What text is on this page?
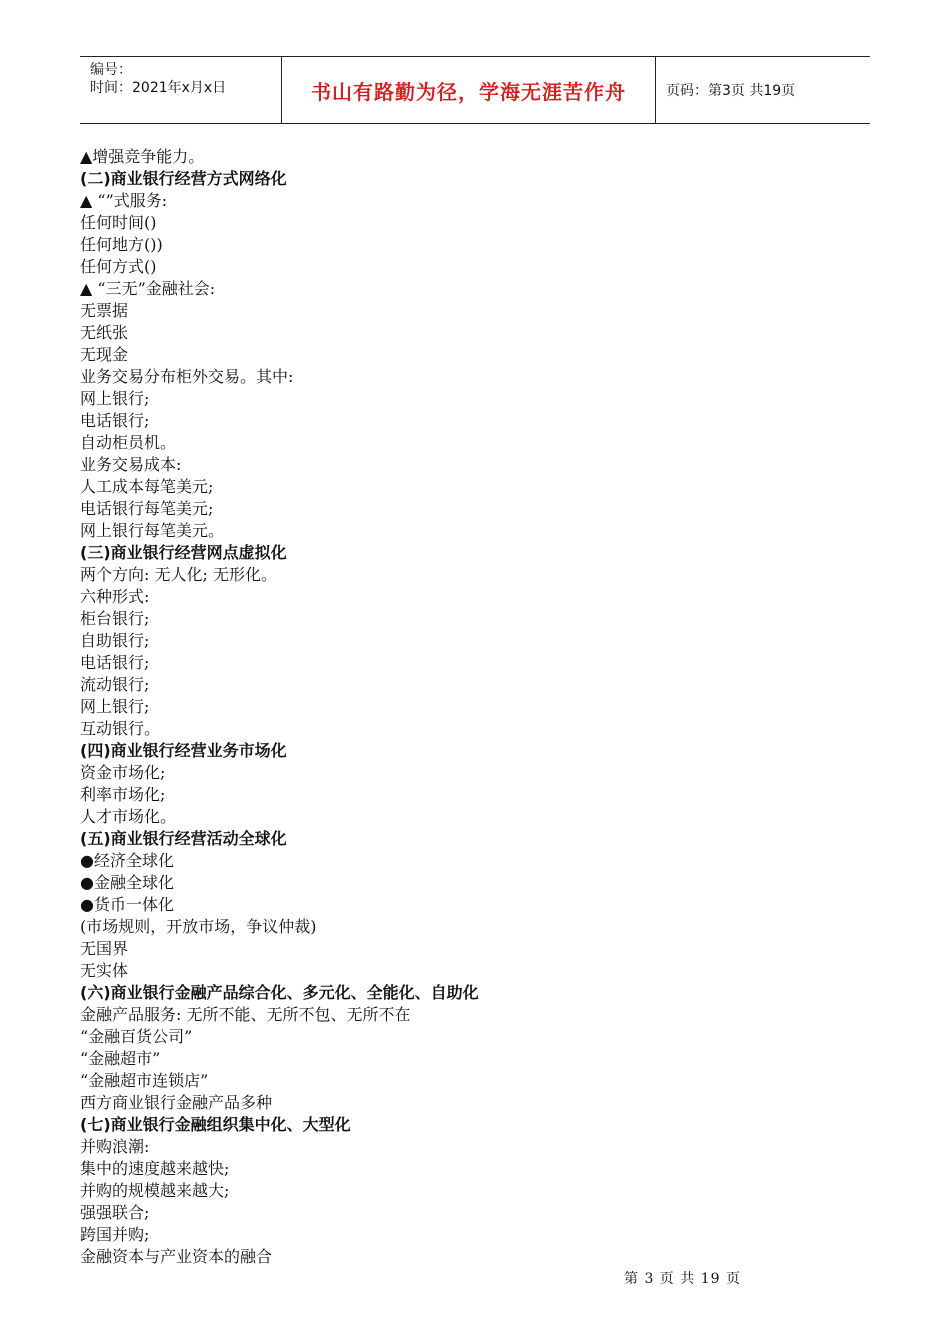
编号：
时间：2021年x月x日	书山有路勤为径，学海无涯苦作舟	页码：第3页 共19页
▲增强竞争能力。
(二)商业银行经营方式网络化
▲ “”式服务:
任何时间()
任何地方())
任何方式()
▲ “三无”金融社会:
无票据
无纸张
无现金
业务交易分布柜外交易。其中:
网上银行;
电话银行;
自动柜员机。
业务交易成本:
人工成本每笔美元;
电话银行每笔美元;
网上银行每笔美元。
(三)商业银行经营网点虚拟化
两个方向: 无人化; 无形化。
六种形式:
柜台银行;
自助银行;
电话银行;
流动银行;
网上银行;
互动银行。
(四)商业银行经营业务市场化
资金市场化;
利率市场化;
人才市场化。
(五)商业银行经营活动全球化
●经济全球化
●金融全球化
●货币一体化
(市场规则，开放市场，争议仲裁)
无国界
无实体
(六)商业银行金融产品综合化、多元化、全能化、自助化
金融产品服务: 无所不能、无所不包、无所不在
“金融百货公司”
“金融超市”
“金融超市连锁店”
西方商业银行金融产品多种
(七)商业银行金融组织集中化、大型化
并购浪潮:
集中的速度越来越快;
并购的规模越来越大;
强强联合;
跨国并购;
金融资本与产业资本的融合
第 3 页 共 19 页
